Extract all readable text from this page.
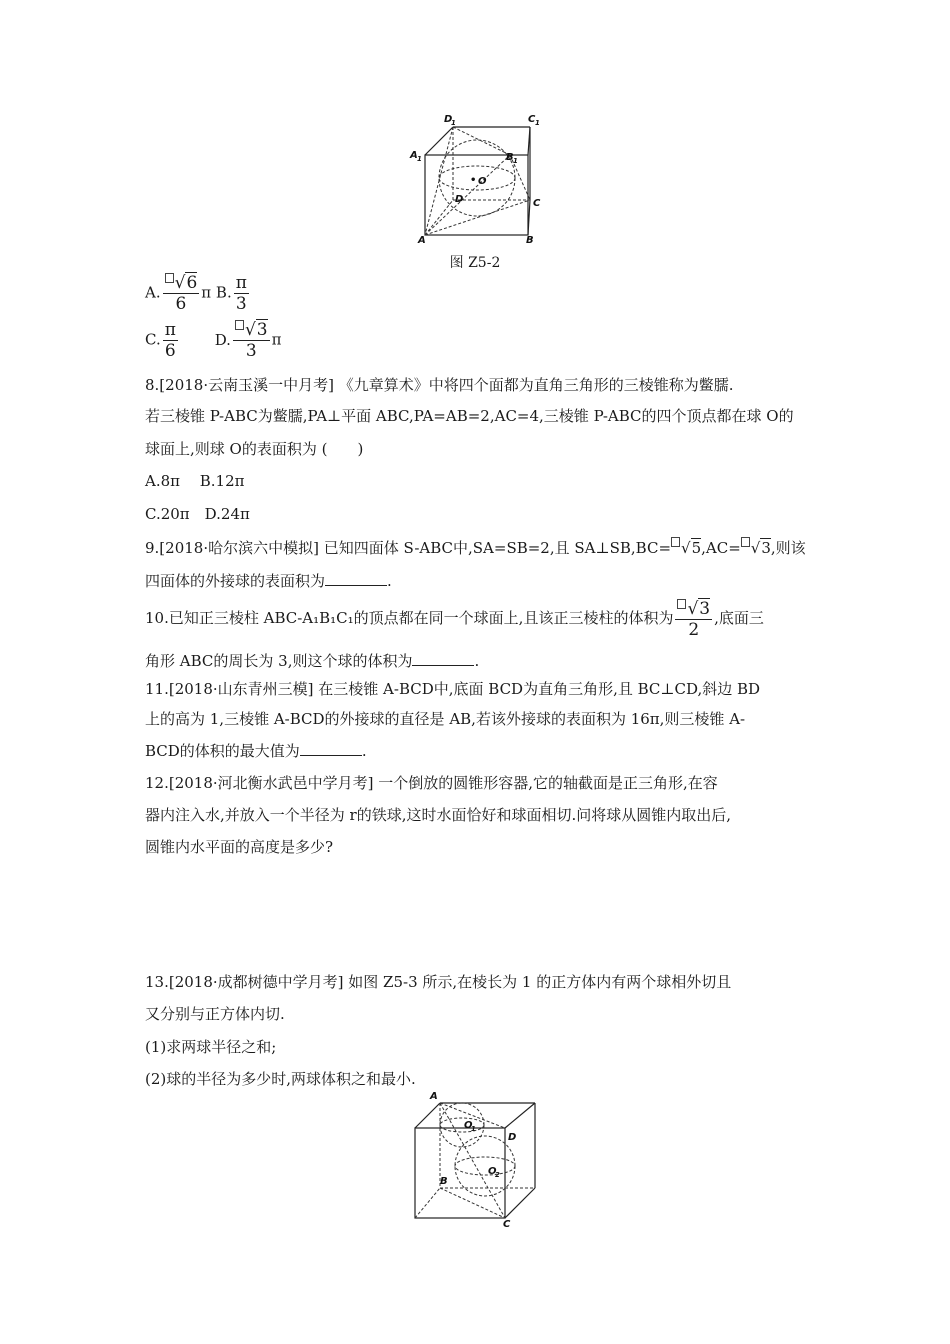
D
1	C 1
A 1	B 1
• O
D	C
A	B
图 Z5-2
A. $\frac{√6}{6}$ π B. $\frac{\pi}{3}$
C. $\frac{\pi}{6} D$. $\frac{√3}{3}$ π
8.[2018·云南玉溪一中月考] 《九章算术》中将四个面都为直角三角形的三棱锥称为鳖臑.
若三棱锥 P-ABC为鳖臑,PA⊥平面 ABC,PA=AB=2,AC=4,三棱锥 P-ABC的四个顶点都在球 O的
球面上,则球 O的表面积为 (　　)
A.8π　 B.12π
C.20π　D.24π
9.[2018·哈尔滨六中模拟] 已知四面体 S-ABC中,SA=SB=2,且 SA⊥SB,BC= √5,AC= √3,则该
四面体的外接球的表面积为	.
10.已知正三棱柱 ABC-A₁B₁C₁的顶点都在同一个球面上,且该正三棱柱的体积为 $\frac{√3}{2}$ ,底面三
角形 ABC的周长为 3,则这个球的体积为	.
11.[2018·山东青州三模] 在三棱锥 A-BCD中,底面 BCD为直角三角形,且 BC⊥CD,斜边 BD
上的高为 1,三棱锥 A-BCD的外接球的直径是 AB,若该外接球的表面积为 16π,则三棱锥 A-
BCD的体积的最大值为	.
12.[2018·河北衡水武邑中学月考] 一个倒放的圆锥形容器,它的轴截面是正三角形,在容
器内注入水,并放入一个半径为 r的铁球,这时水面恰好和球面相切.问将球从圆锥内取出后,
圆锥内水平面的高度是多少?
13.[2018·成都树德中学月考] 如图 Z5-3 所示,在棱长为 1 的正方体内有两个球相外切且
又分别与正方体内切.
(1)求两球半径之和;
(2)球的半径为多少时,两球体积之和最小.
A
O
1
D
B
O
2
C
